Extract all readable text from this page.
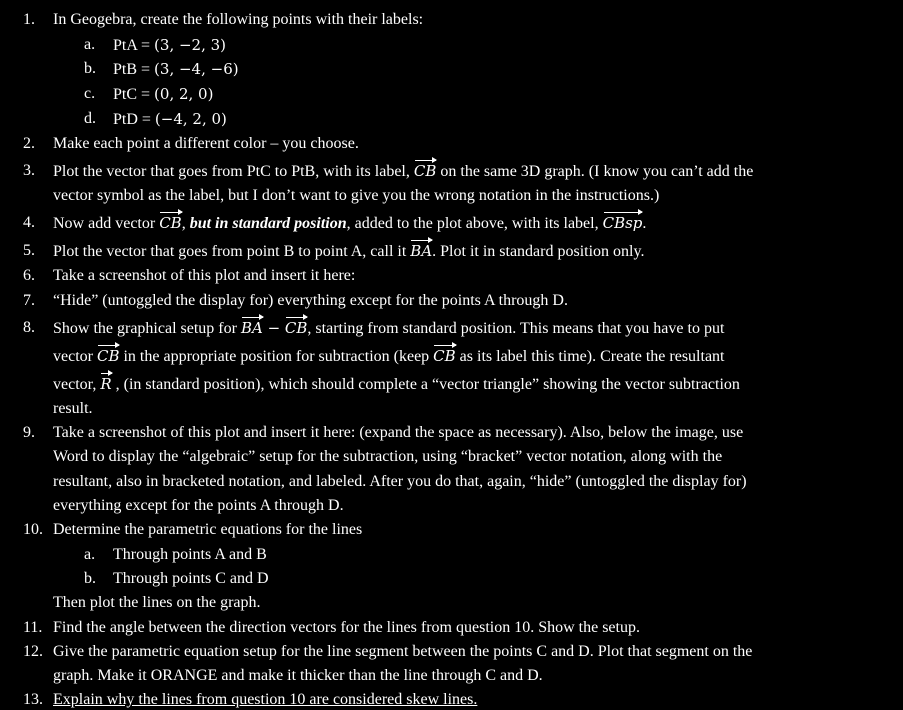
1. In Geogebra, create the following points with their labels:
a. PtA = (3, −2, 3)
b. PtB = (3, −4, −6)
c. PtC = (0, 2, 0)
d. PtD = (−4, 2, 0)
2. Make each point a different color – you choose.
3. Plot the vector that goes from PtC to PtB, with its label, CB on the same 3D graph. (I know you can’t add the
vector symbol as the label, but I don’t want to give you the wrong notation in the instructions.)
4. Now add vector CB, but in standard position, added to the plot above, with its label, CBsp.
5. Plot the vector that goes from point B to point A, call it BA. Plot it in standard position only.
6. Take a screenshot of this plot and insert it here:
7. “Hide” (untoggled the display for) everything except for the points A through D.
8. Show the graphical setup for BA − CB, starting from standard position. This means that you have to put
vector CB in the appropriate position for subtraction (keep CB as its label this time). Create the resultant
vector, R , (in standard position), which should complete a “vector triangle” showing the vector subtraction
result.
9. Take a screenshot of this plot and insert it here: (expand the space as necessary). Also, below the image, use
Word to display the “algebraic” setup for the subtraction, using “bracket” vector notation, along with the
resultant, also in bracketed notation, and labeled. After you do that, again, “hide” (untoggled the display for)
everything except for the points A through D.
10. Determine the parametric equations for the lines
a. Through points A and B
b. Through points C and D
Then plot the lines on the graph.
11. Find the angle between the direction vectors for the lines from question 10. Show the setup.
12. Give the parametric equation setup for the line segment between the points C and D. Plot that segment on the
graph. Make it ORANGE and make it thicker than the line through C and D.
13. Explain why the lines from question 10 are considered skew lines.
